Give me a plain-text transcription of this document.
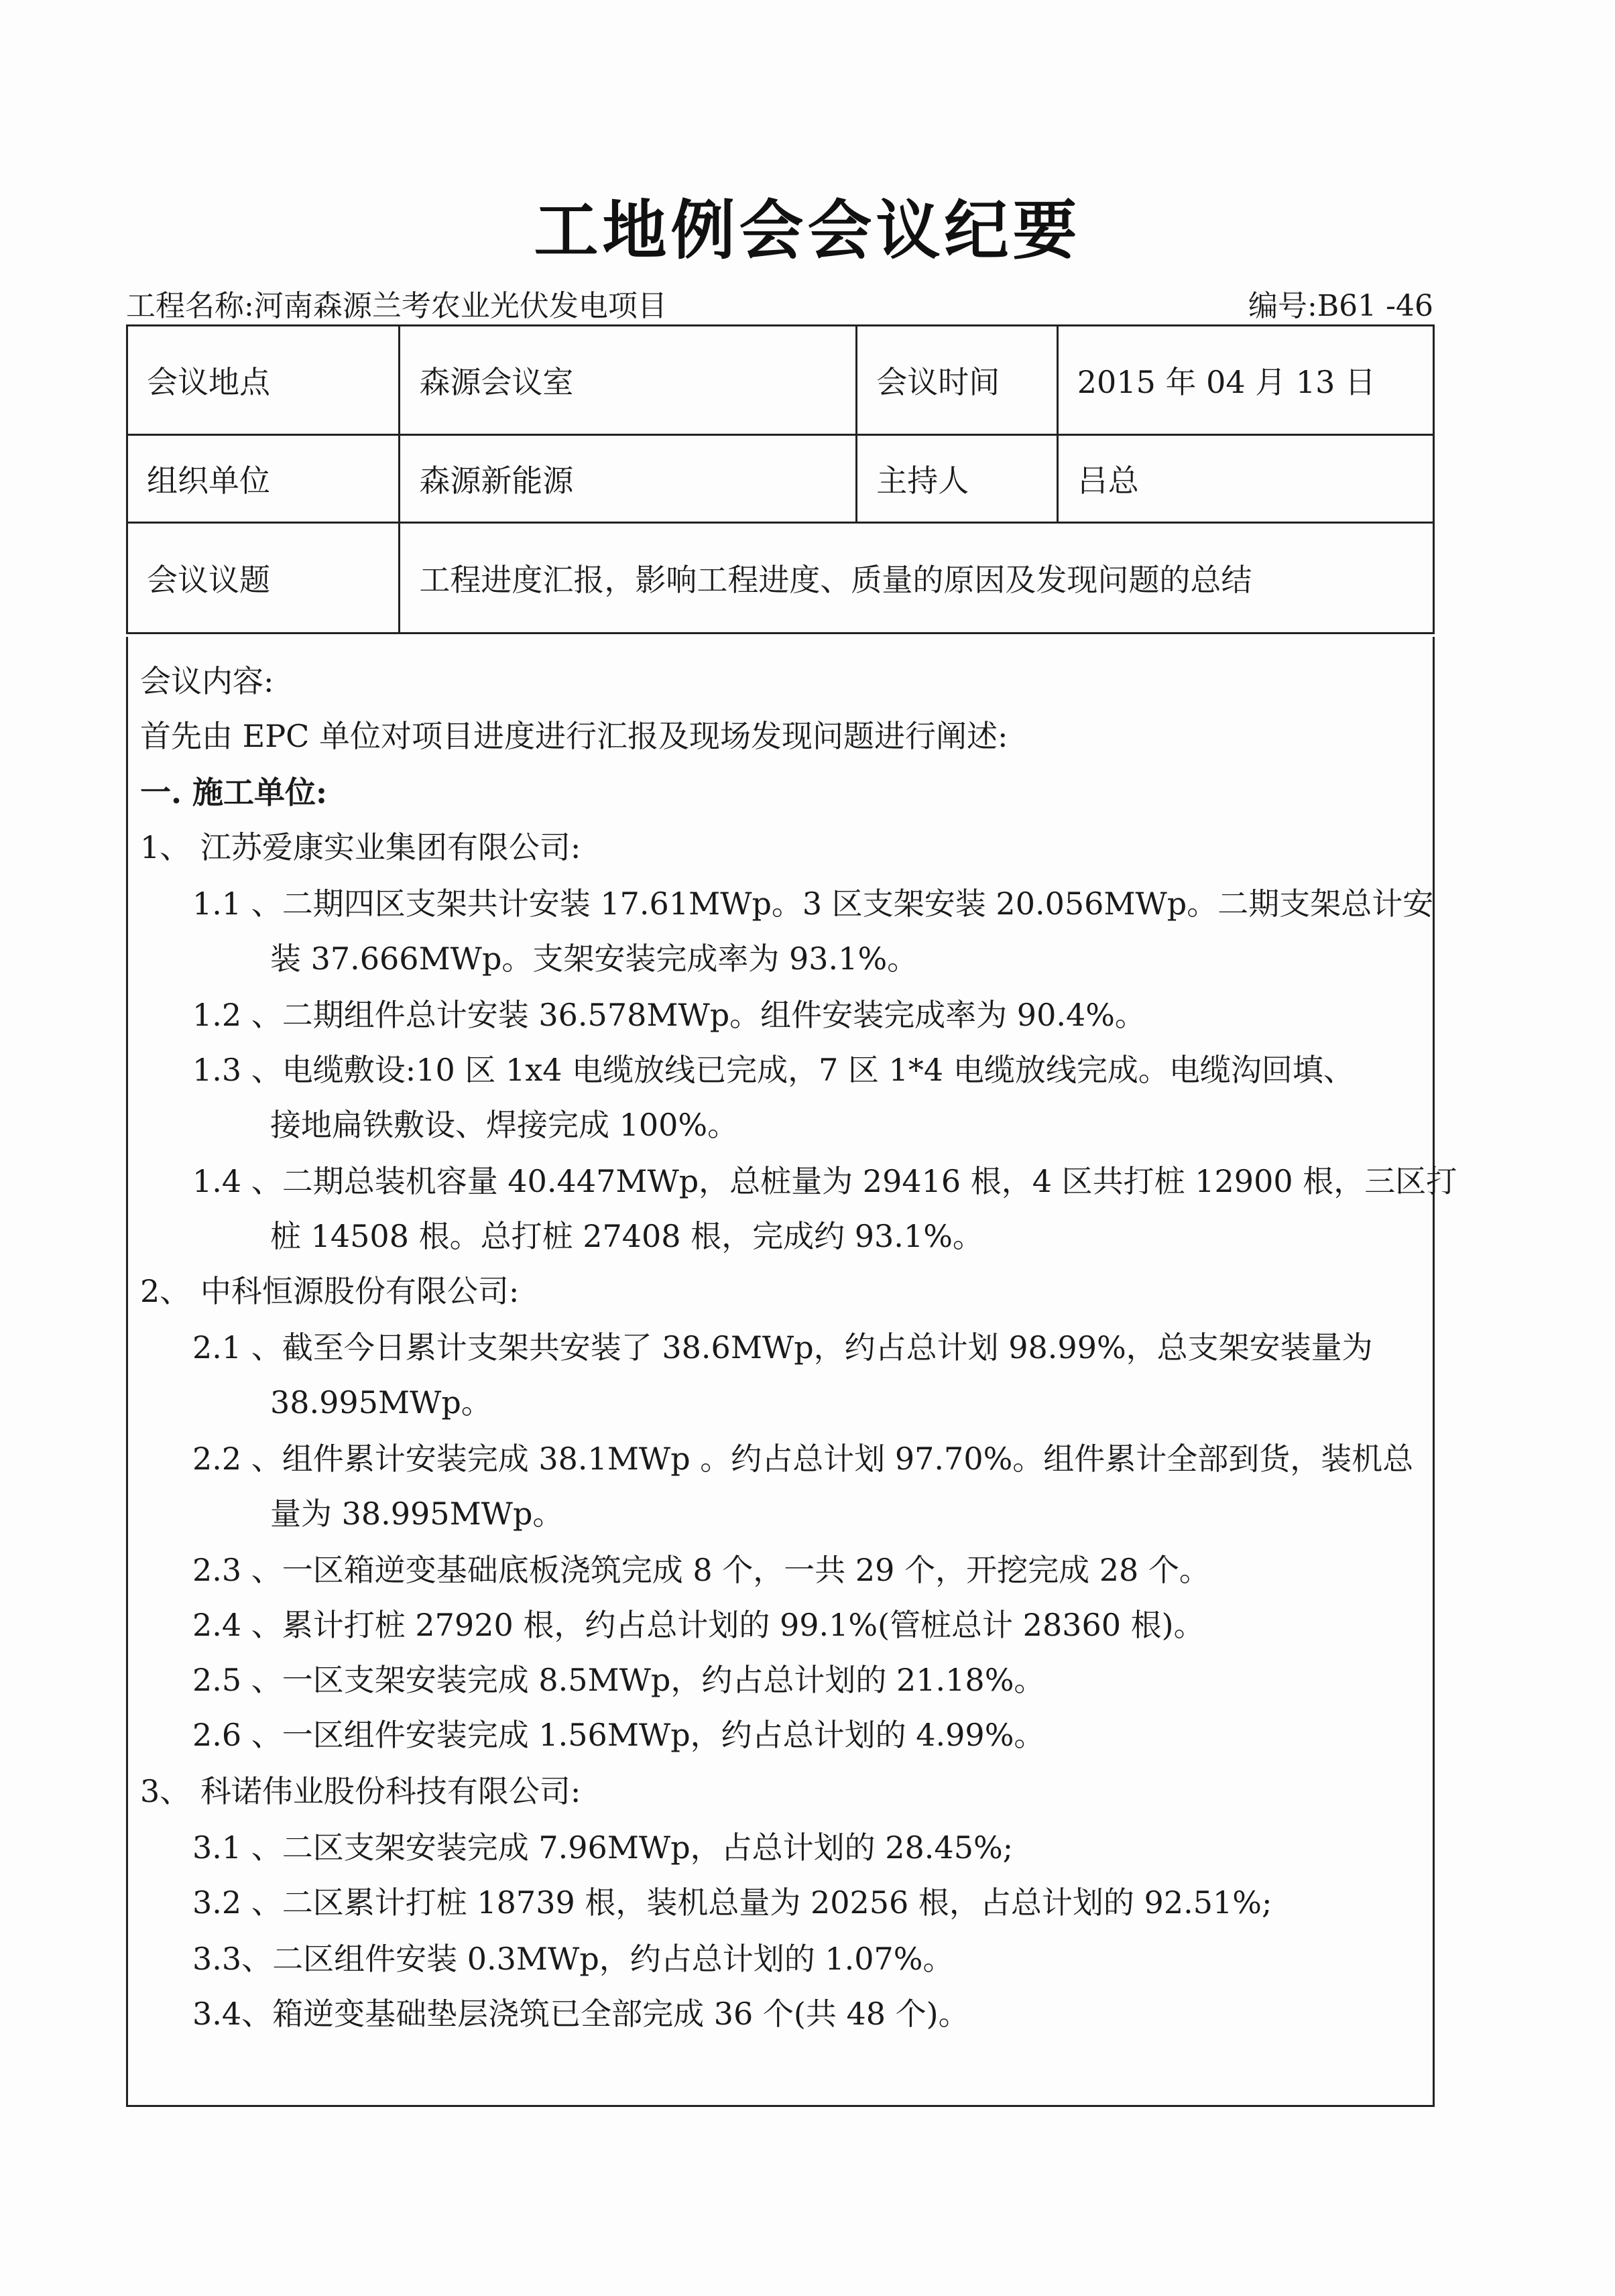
工地例会会议纪要
工程名称:河南森源兰考农业光伏发电项目	编号:B61 -46
会议地点	森源会议室	会议时间	2015 年 04 月 13 日
组织单位	森源新能源	主持人	吕总
会议议题	工程进度汇报，影响工程进度、质量的原因及发现问题的总结		
会议内容:
首先由 EPC 单位对项目进度进行汇报及现场发现问题进行阐述:
一. 施工单位:
1、 江苏爱康实业集团有限公司:
1.1 、二期四区支架共计安装 17.61MWp。3 区支架安装 20.056MWp。二期支架总计安
装 37.666MWp。支架安装完成率为 93.1%。
1.2 、二期组件总计安装 36.578MWp。组件安装完成率为 90.4%。
1.3 、电缆敷设:10 区 1x4 电缆放线已完成，7 区 1*4 电缆放线完成。电缆沟回填、
接地扁铁敷设、焊接完成 100%。
1.4 、二期总装机容量 40.447MWp，总桩量为 29416 根，4 区共打桩 12900 根，三区打
桩 14508 根。总打桩 27408 根，完成约 93.1%。
2、 中科恒源股份有限公司:
2.1 、截至今日累计支架共安装了 38.6MWp，约占总计划 98.99%，总支架安装量为
38.995MWp。
2.2 、组件累计安装完成 38.1MWp 。约占总计划 97.70%。组件累计全部到货，装机总
量为 38.995MWp。
2.3 、一区箱逆变基础底板浇筑完成 8 个，一共 29 个，开挖完成 28 个。
2.4 、累计打桩 27920 根，约占总计划的 99.1%(管桩总计 28360 根)。
2.5 、一区支架安装完成 8.5MWp，约占总计划的 21.18%。
2.6 、一区组件安装完成 1.56MWp，约占总计划的 4.99%。
3、 科诺伟业股份科技有限公司:
3.1 、二区支架安装完成 7.96MWp，占总计划的 28.45%;
3.2 、二区累计打桩 18739 根，装机总量为 20256 根，占总计划的 92.51%;
3.3、二区组件安装 0.3MWp，约占总计划的 1.07%。
3.4、箱逆变基础垫层浇筑已全部完成 36 个(共 48 个)。
